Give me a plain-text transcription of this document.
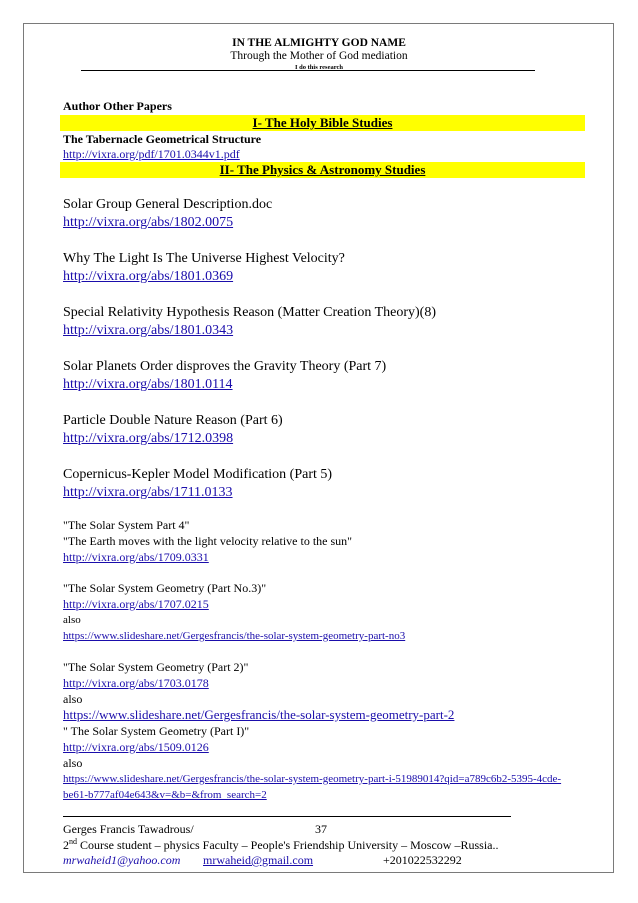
IN THE ALMIGHTY GOD NAME
Through the Mother of God mediation
I do this research
Author Other Papers
I- The Holy Bible Studies
The Tabernacle Geometrical Structure
http://vixra.org/pdf/1701.0344v1.pdf
II- The Physics & Astronomy Studies
Solar Group General Description.doc
http://vixra.org/abs/1802.0075
Why The Light Is The Universe Highest Velocity?
http://vixra.org/abs/1801.0369
Special Relativity Hypothesis Reason (Matter Creation Theory)(8)
http://vixra.org/abs/1801.0343
Solar Planets Order disproves the Gravity Theory (Part 7)
http://vixra.org/abs/1801.0114
Particle Double Nature Reason (Part 6)
http://vixra.org/abs/1712.0398
Copernicus-Kepler Model Modification (Part 5)
http://vixra.org/abs/1711.0133
"The Solar System Part 4"
"The Earth moves with the light velocity relative to the sun"
http://vixra.org/abs/1709.0331
"The Solar System Geometry (Part No.3)"
http://vixra.org/abs/1707.0215
also
https://www.slideshare.net/Gergesfrancis/the-solar-system-geometry-part-no3
"The Solar System Geometry (Part 2)"
http://vixra.org/abs/1703.0178
also
https://www.slideshare.net/Gergesfrancis/the-solar-system-geometry-part-2
" The Solar System Geometry (Part I)"
http://vixra.org/abs/1509.0126
also
https://www.slideshare.net/Gergesfrancis/the-solar-system-geometry-part-i-51989014?qid=a789c6b2-5395-4cde-be61-b777af04e643&v=&b=&from_search=2
Gerges Francis Tawadrous/	37
2nd Course student – physics Faculty – People's Friendship University – Moscow –Russia..
mrwaheid1@yahoo.com mrwaheid@gmail.com	+201022532292
